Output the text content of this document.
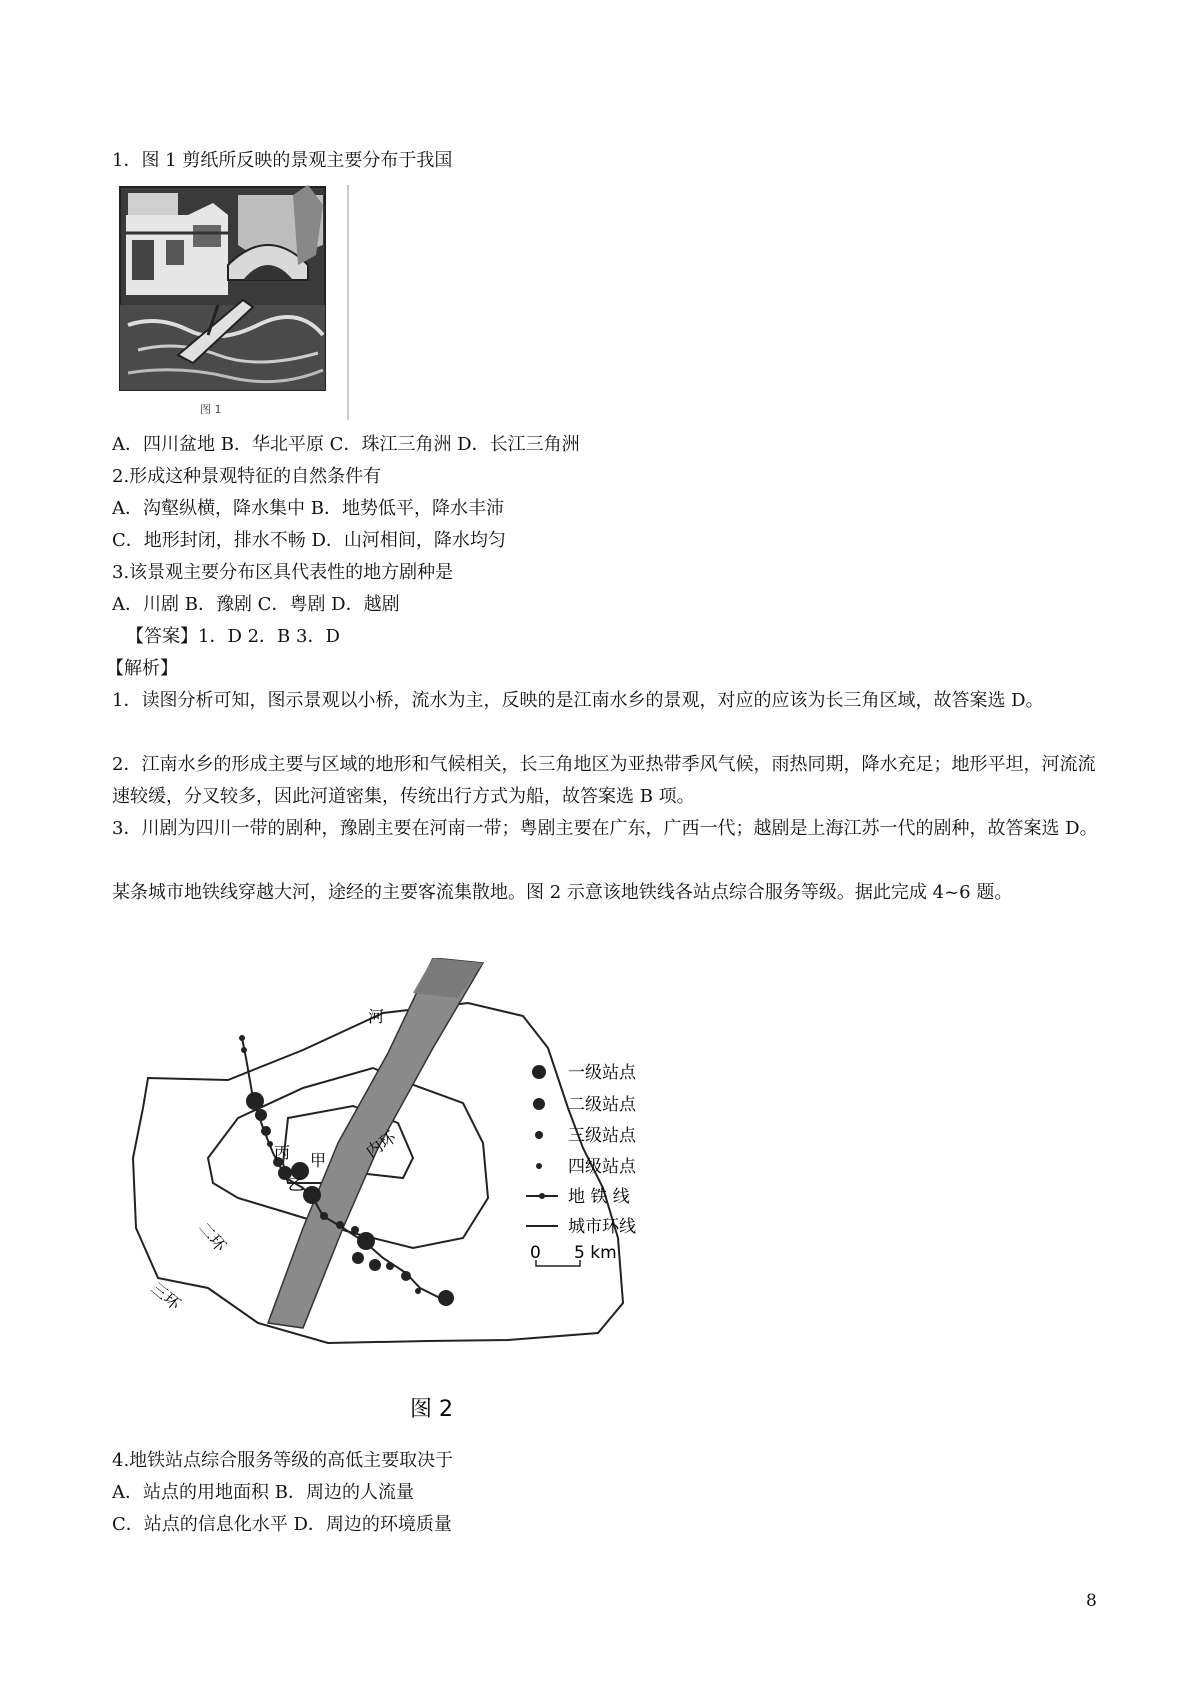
1．图 1 剪纸所反映的景观主要分布于我国
图 1
A．四川盆地 B．华北平原 C．珠江三角洲 D．长江三角洲
2.形成这种景观特征的自然条件有
A．沟壑纵横，降水集中 B．地势低平，降水丰沛
C．地形封闭，排水不畅 D．山河相间，降水均匀
3.该景观主要分布区具代表性的地方剧种是
A．川剧 B．豫剧 C．粤剧 D．越剧
【答案】1．D 2．B 3．D
【解析】
1．读图分析可知，图示景观以小桥，流水为主，反映的是江南水乡的景观，对应的应该为长三角区域，故答案选 D。
2．江南水乡的形成主要与区域的地形和气候相关，长三角地区为亚热带季风气候，雨热同期，降水充足；地形平坦，河流流速较缓，分叉较多，因此河道密集，传统出行方式为船，故答案选 B 项。
3．川剧为四川一带的剧种，豫剧主要在河南一带；粤剧主要在广东，广西一代；越剧是上海江苏一代的剧种，故答案选 D。
某条城市地铁线穿越大河，途经的主要客流集散地。图 2 示意该地铁线各站点综合服务等级。据此完成 4~6 题。
河
丙 甲
乙
内环
二环
三环
一级站点
二级站点
三级站点
四级站点
地 铁 线
城市环线
0 5 km
图 2
4.地铁站点综合服务等级的高低主要取决于
A．站点的用地面积 B．周边的人流量
C．站点的信息化水平 D．周边的环境质量
8
